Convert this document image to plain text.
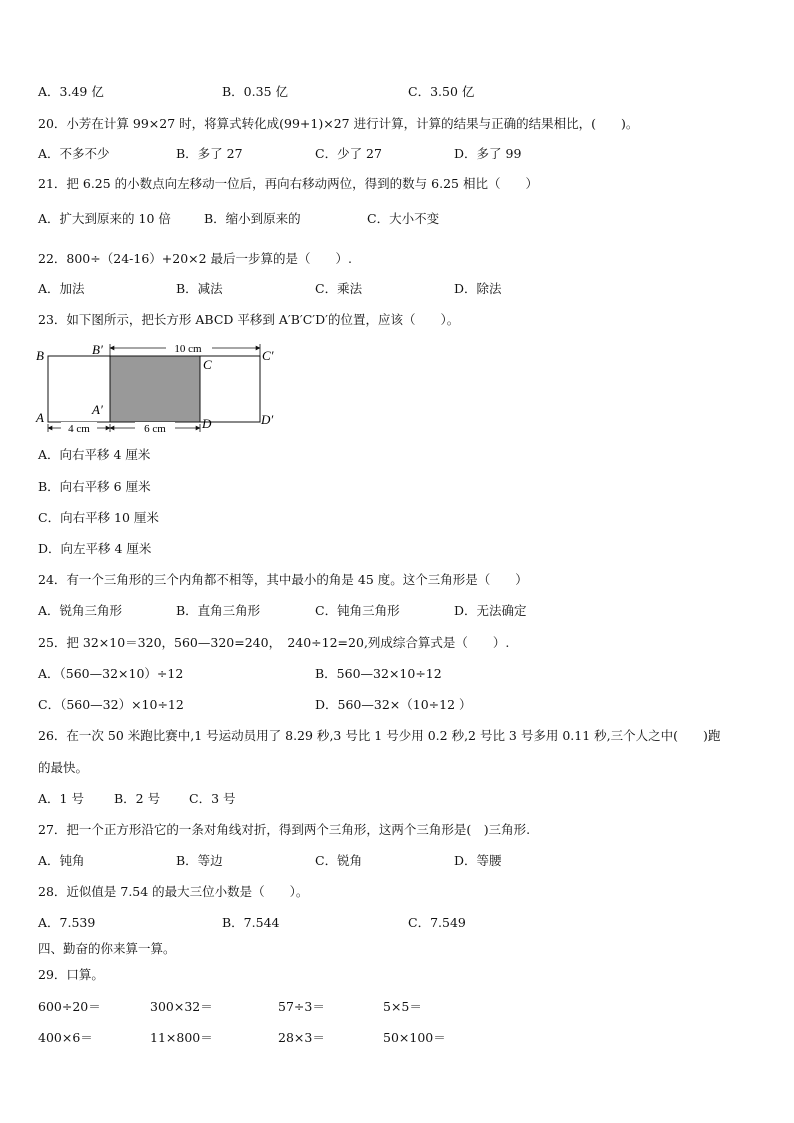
A．3.49 亿	B．0.35 亿	C．3.50 亿
20．小芳在计算 99×27 时，将算式转化成(99+1)×27 进行计算，计算的结果与正确的结果相比，(　　)。
A．不多不少	B．多了 27	C．少了 27	D．多了 99
21．把 6.25 的小数点向左移动一位后，再向右移动两位，得到的数与 6.25 相比（　　）
A．扩大到原来的 10 倍	B．缩小到原来的	C．大小不变
22．800÷（24-16）+20×2 最后一步算的是（　　）.
A．加法	B．减法	C．乘法	D．除法
23．如下图所示，把长方形 ABCD 平移到 A′B′C′D′的位置，应该（　　）。
10 cm
4 cm	6 cm
B	B′
C
C′
A
A′
D	D′
A．向右平移 4 厘米
B．向右平移 6 厘米
C．向右平移 10 厘米
D．向左平移 4 厘米
24．有一个三角形的三个内角都不相等，其中最小的角是 45 度。这个三角形是（　　）
A．锐角三角形	B．直角三角形	C．钝角三角形	D．无法确定
25．把 32×10＝320，560—320=240，　240÷12=20,列成综合算式是（　　）.
A．（560—32×10）÷12	B．560—32×10÷12
C．（560—32）×10÷12	D．560—32×（10÷12 ）
26．在一次 50 米跑比赛中,1 号运动员用了 8.29 秒,3 号比 1 号少用 0.2 秒,2 号比 3 号多用 0.11 秒,三个人之中(　　)跑
的最快。
A．1 号 B．2 号 C．3 号
27．把一个正方形沿它的一条对角线对折，得到两个三角形，这两个三角形是(　)三角形.
A．钝角	B．等边	C．锐角	D．等腰
28．近似值是 7.54 的最大三位小数是（　　）。
A．7.539	B．7.544	C．7.549
四、勤奋的你来算一算。
29．口算。
600÷20＝	300×32＝	57÷3＝	5×5＝
400×6＝	11×800＝	28×3＝	50×100＝
